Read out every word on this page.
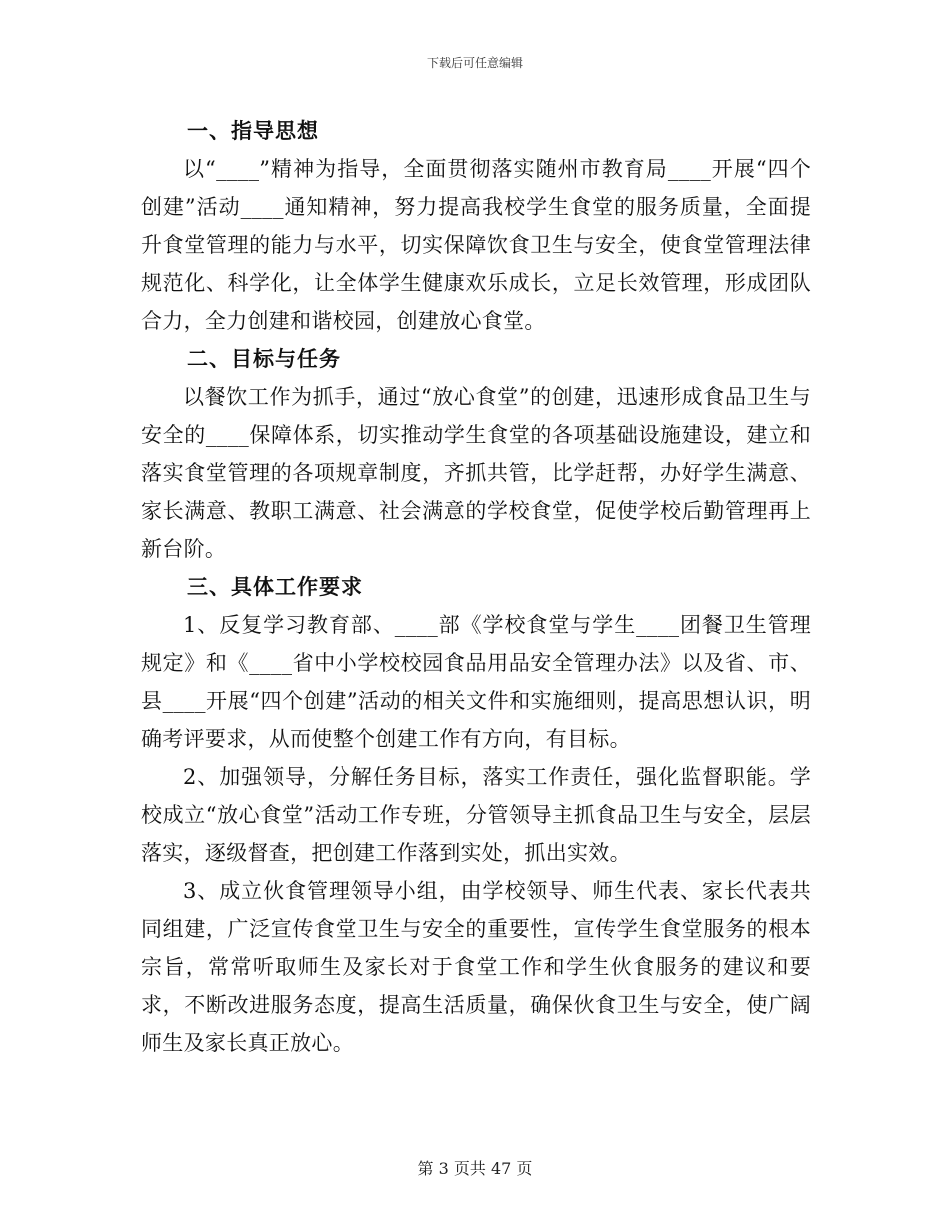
下载后可任意编辑
一、指导思想

以“____”精神为指导，全面贯彻落实随州市教育局____开展“四个创建”活动____通知精神，努力提高我校学生食堂的服务质量，全面提升食堂管理的能力与水平，切实保障饮食卫生与安全，使食堂管理法律规范化、科学化，让全体学生健康欢乐成长，立足长效管理，形成团队合力，全力创建和谐校园，创建放心食堂。

二、目标与任务

以餐饮工作为抓手，通过“放心食堂”的创建，迅速形成食品卫生与安全的____保障体系，切实推动学生食堂的各项基础设施建设，建立和落实食堂管理的各项规章制度，齐抓共管，比学赶帮，办好学生满意、家长满意、教职工满意、社会满意的学校食堂，促使学校后勤管理再上新台阶。

三、具体工作要求

1、反复学习教育部、____部《学校食堂与学生____团餐卫生管理规定》和《____省中小学校校园食品用品安全管理办法》以及省、市、县____开展“四个创建”活动的相关文件和实施细则，提高思想认识，明确考评要求，从而使整个创建工作有方向，有目标。

2、加强领导，分解任务目标，落实工作责任，强化监督职能。学校成立“放心食堂”活动工作专班，分管领导主抓食品卫生与安全，层层落实，逐级督查，把创建工作落到实处，抓出实效。

3、成立伙食管理领导小组，由学校领导、师生代表、家长代表共同组建，广泛宣传食堂卫生与安全的重要性，宣传学生食堂服务的根本宗旨，常常听取师生及家长对于食堂工作和学生伙食服务的建议和要求，不断改进服务态度，提高生活质量，确保伙食卫生与安全，使广阔师生及家长真正放心。

第 3 页共 47 页
